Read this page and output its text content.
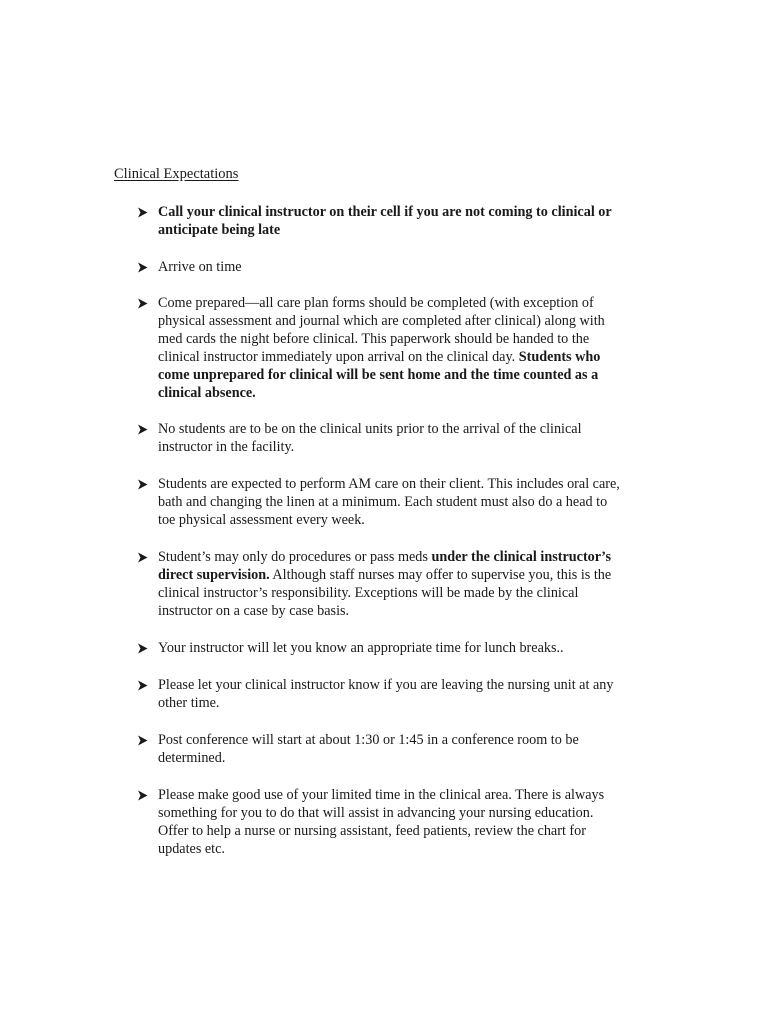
Clinical Expectations
Call your clinical instructor on their cell if you are not coming to clinical or
anticipate being late
Arrive on time
Come prepared—all care plan forms should be completed (with exception of
physical assessment and journal which are completed after clinical) along with
med cards the night before clinical. This paperwork should be handed to the
clinical instructor immediately upon arrival on the clinical day. Students who
come unprepared for clinical will be sent home and the time counted as a
clinical absence.
No students are to be on the clinical units prior to the arrival of the clinical
instructor in the facility.
Students are expected to perform AM care on their client. This includes oral care,
bath and changing the linen at a minimum. Each student must also do a head to
toe physical assessment every week.
Student’s may only do procedures or pass meds under the clinical instructor’s
direct supervision. Although staff nurses may offer to supervise you, this is the
clinical instructor’s responsibility. Exceptions will be made by the clinical
instructor on a case by case basis.
Your instructor will let you know an appropriate time for lunch breaks..
Please let your clinical instructor know if you are leaving the nursing unit at any
other time.
Post conference will start at about 1:30 or 1:45 in a conference room to be
determined.
Please make good use of your limited time in the clinical area. There is always
something for you to do that will assist in advancing your nursing education.
Offer to help a nurse or nursing assistant, feed patients, review the chart for
updates etc.
